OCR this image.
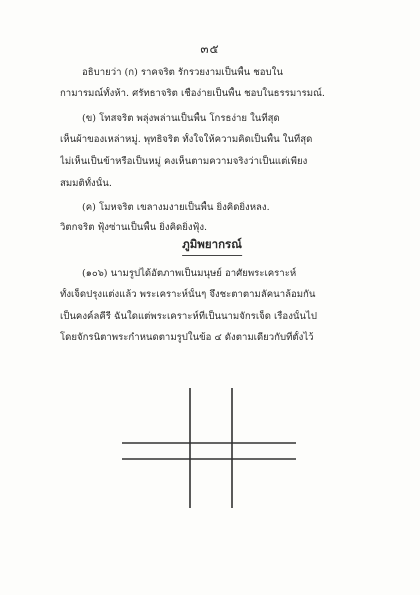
๓๕
อธิบายว่า (ก) ราคจริต รักรวยงามเป็นพื้น ชอบใน
กามารมณ์ทั้งห้า. ศรัทธาจริต เชื่อง่ายเป็นพื้น ชอบในธรรมารมณ์.
(ข) โทสจริต พลุ่งพล่านเป็นพื้น โกรธง่าย ในที่สุด
เห็นผ้าของเหล่าหมู่. พุทธิจริต ทั้งใจให้ความคิดเป็นพื้น ในที่สุด
ไม่เห็นเป็นข้าหรือเป็นหมู่ คงเห็นตามความจริงว่าเป็นแต่เพียง
สมมติทั้งนั้น.
(ค) โมหจริต เขลางมงายเป็นพื้น ยิ่งคิดยิ่งหลง.
วิตกจริต ฟุ้งซ่านเป็นพื้น ยิ่งคิดยิ่งฟุ้ง.
ภูมิพยากรณ์
(๑๐๖) นามรูปได้อัตภาพเป็นมนุษย์ อาศัยพระเคราะห์
ทั้งเจ็ดปรุงแต่งแล้ว พระเคราะห์นั้นๆ จึงชะตาตามลัคนาล้อมกัน
เป็นคงค์ลคีรี ฉันใดแต่พระเคราะห์ที่เป็นนามจักรเจ็ด เรื่องนั้นไป
โดยจักรนิตาพระกำหนดตามรูปในข้อ ๔ ดังตามเดียวกับที่ตั้งไว้
